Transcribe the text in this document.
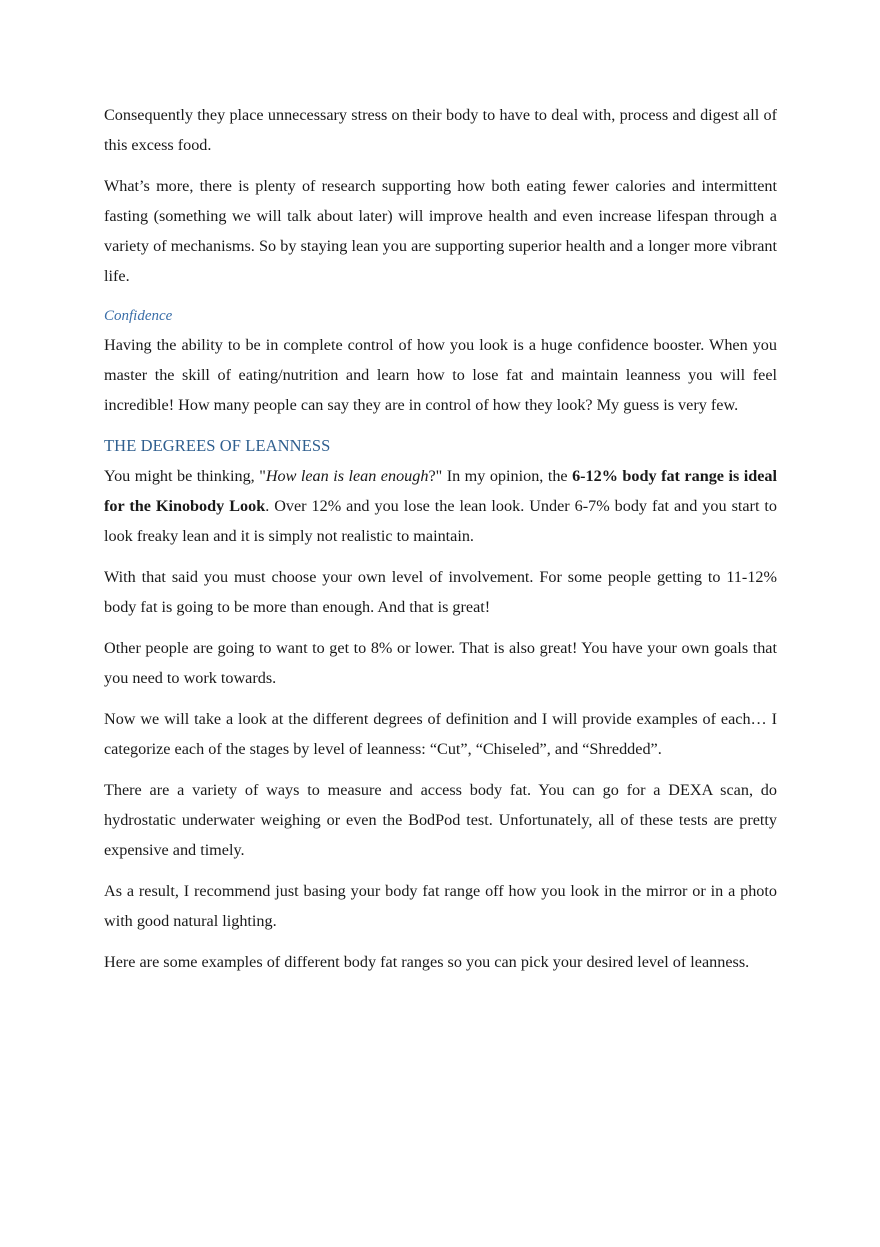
Consequently they place unnecessary stress on their body to have to deal with, process and digest all of this excess food.

What’s more, there is plenty of research supporting how both eating fewer calories and intermittent fasting (something we will talk about later) will improve health and even increase lifespan through a variety of mechanisms. So by staying lean you are supporting superior health and a longer more vibrant life.

Confidence

Having the ability to be in complete control of how you look is a huge confidence booster. When you master the skill of eating/nutrition and learn how to lose fat and maintain leanness you will feel incredible! How many people can say they are in control of how they look? My guess is very few.

THE DEGREES OF LEANNESS

You might be thinking, "How lean is lean enough?" In my opinion, the 6-12% body fat range is ideal for the Kinobody Look. Over 12% and you lose the lean look. Under 6-7% body fat and you start to look freaky lean and it is simply not realistic to maintain.

With that said you must choose your own level of involvement. For some people getting to 11-12% body fat is going to be more than enough. And that is great!

Other people are going to want to get to 8% or lower. That is also great! You have your own goals that you need to work towards.

Now we will take a look at the different degrees of definition and I will provide examples of each… I categorize each of the stages by level of leanness: “Cut”, “Chiseled”, and “Shredded”.

There are a variety of ways to measure and access body fat. You can go for a DEXA scan, do hydrostatic underwater weighing or even the BodPod test. Unfortunately, all of these tests are pretty expensive and timely.

As a result, I recommend just basing your body fat range off how you look in the mirror or in a photo with good natural lighting.

Here are some examples of different body fat ranges so you can pick your desired level of leanness.
